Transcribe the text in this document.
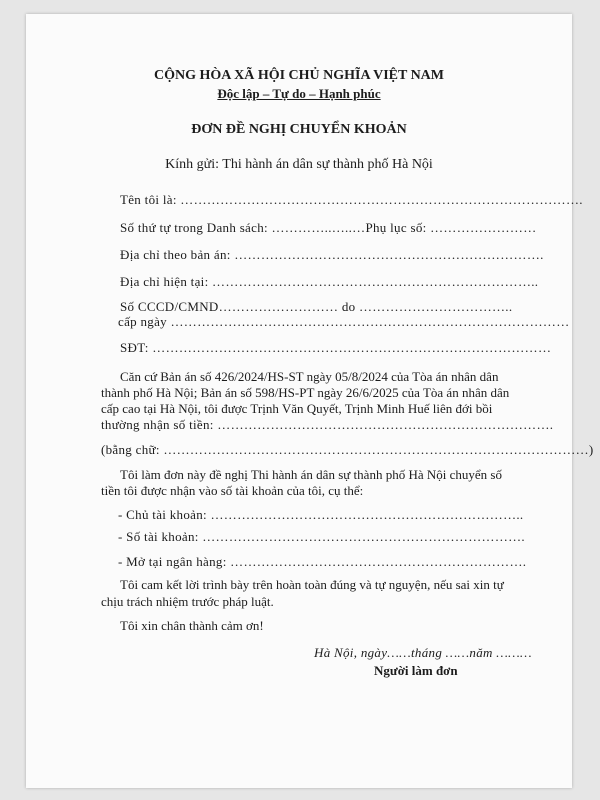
CỘNG HÒA XÃ HỘI CHỦ NGHĨA VIỆT NAM
Độc lập – Tự do – Hạnh phúc
ĐƠN ĐỀ NGHỊ CHUYỂN KHOẢN
Kính gửi: Thi hành án dân sự thành phố Hà Nội
Tên tôi là: ……………………………………………………………………………….
Số thứ tự trong Danh sách: …………..…..…Phụ lục số: ……………………
Địa chỉ theo bản án: …………………………………………………………….
Địa chỉ hiện tại: ………………………………………………………………..
Số CCCD/CMND……………………… do ……………………………..
cấp ngày ………………………………………………………………………………
SĐT: ………………………………………………………………………………
Căn cứ Bản án số 426/2024/HS-ST ngày 05/8/2024 của Tòa án nhân dân
thành phố Hà Nội; Bản án số 598/HS-PT ngày 26/6/2025 của Tòa án nhân dân
cấp cao tại Hà Nội, tôi được Trịnh Văn Quyết, Trịnh Minh Huế liên đới bồi
thường nhận số tiền: ………………………………………………………………….
(bằng chữ: ……………………………………………………………………………………)
Tôi làm đơn này đề nghị Thi hành án dân sự thành phố Hà Nội chuyển số
tiền tôi được nhận vào số tài khoản của tôi, cụ thể:
- Chủ tài khoản: ……………………………………………………………..
- Số tài khoản: ……………………………………………………………….
- Mở tại ngân hàng: ………………………………………………………….
Tôi cam kết lời trình bày trên hoàn toàn đúng và tự nguyện, nếu sai xin tự
chịu trách nhiệm trước pháp luật.
Tôi xin chân thành cảm ơn!
Hà Nội, ngày……tháng ……năm ………
Người làm đơn
